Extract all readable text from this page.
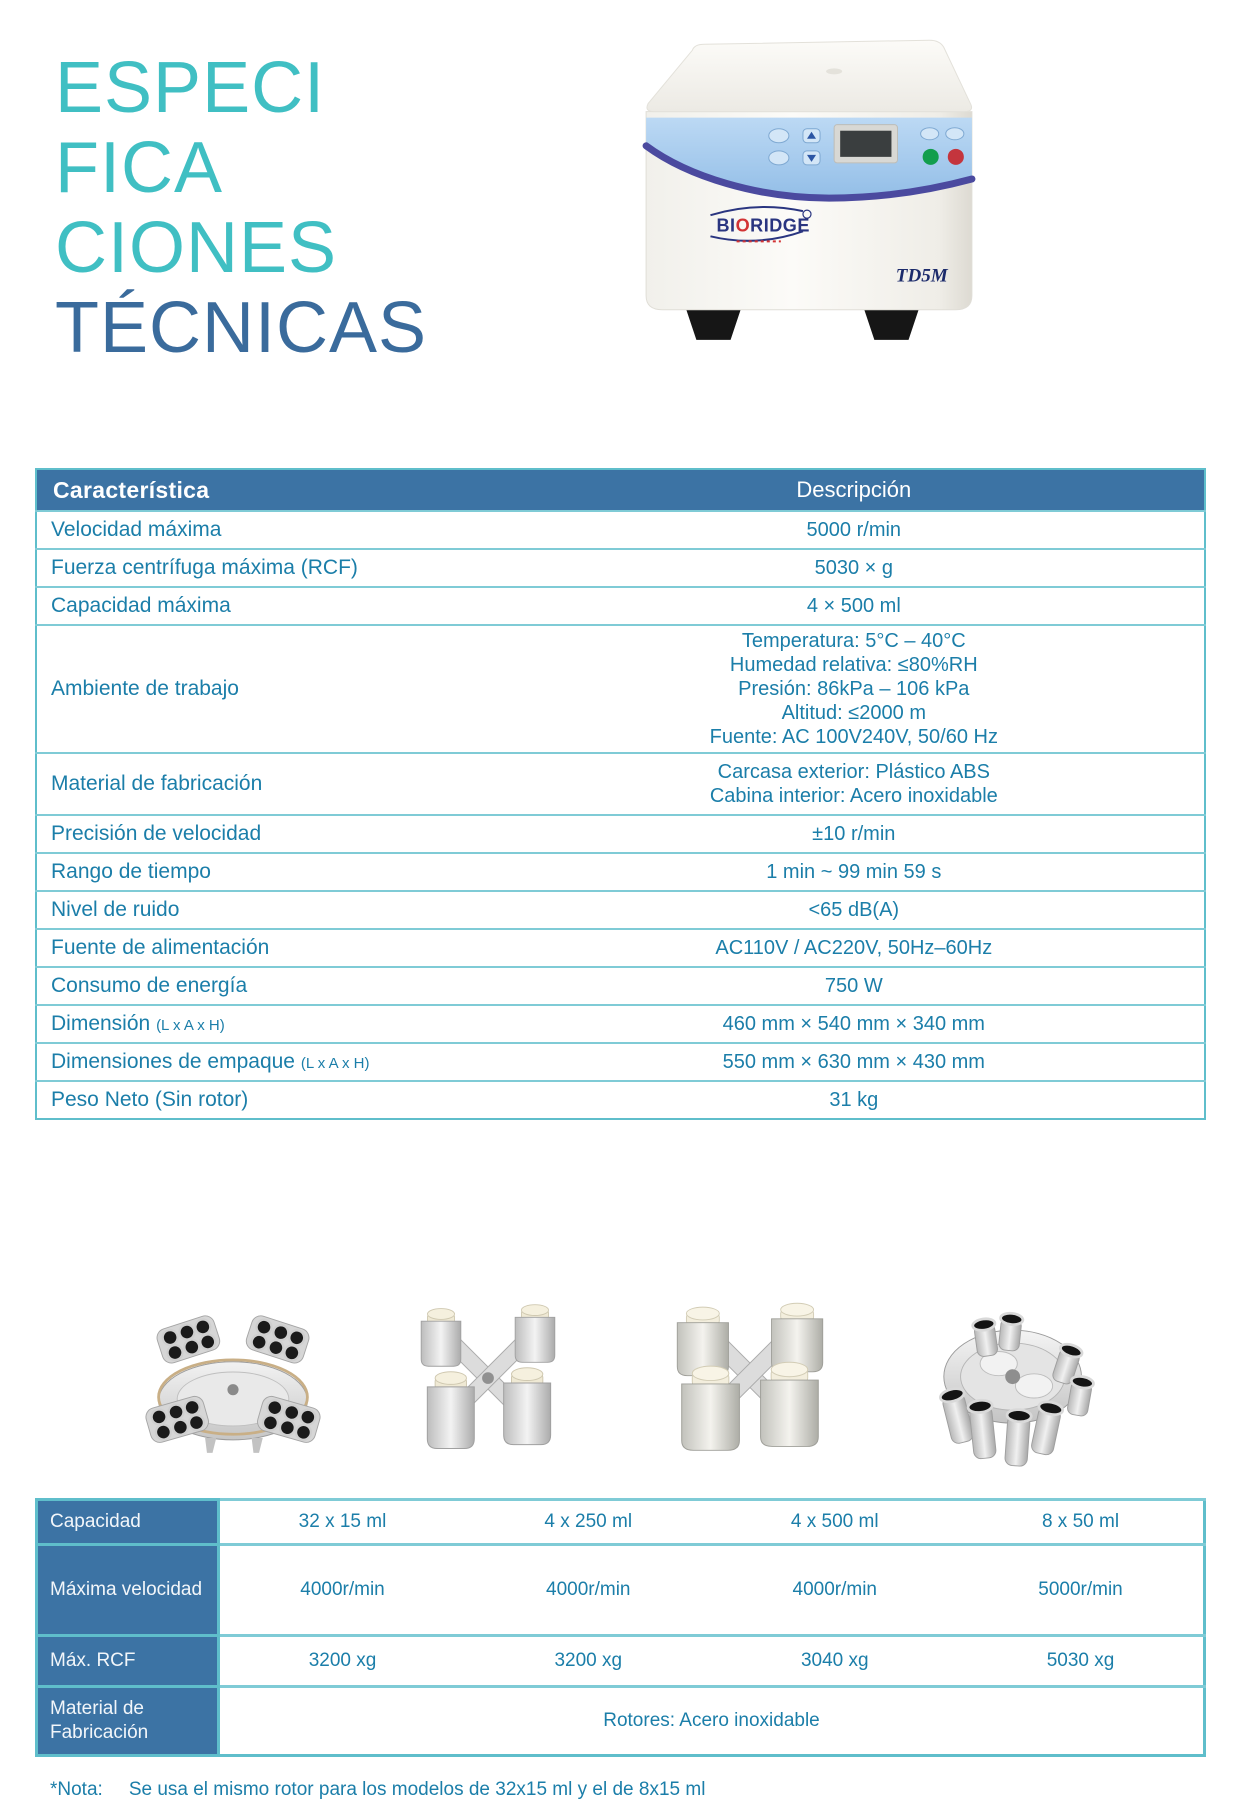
ESPECI
FICA
CIONES
TÉCNICAS
BIORIDGE
TD5M
Característica	Descripción
Velocidad máxima	5000 r/min
Fuerza centrífuga máxima (RCF)	5030 × g
Capacidad máxima	4 × 500 ml
Ambiente de trabajo	Temperatura: 5°C – 40°C
Humedad relativa: ≤80%RH
Presión: 86kPa – 106 kPa
Altitud: ≤2000 m
Fuente: AC 100V240V, 50/60 Hz

Material de fabricación	Carcasa exterior: Plástico ABS
Cabina interior: Acero inoxidable

Precisión de velocidad	±10 r/min
Rango de tiempo	1 min ~ 99 min 59 s
Nivel de ruido	<65 dB(A)
Fuente de alimentación	AC110V / AC220V, 50Hz–60Hz
Consumo de energía	750 W
Dimensión (L x A x H)	460 mm × 540 mm × 340 mm
Dimensiones de empaque (L x A x H)	550 mm × 630 mm × 430 mm
Peso Neto (Sin rotor)	31 kg
Capacidad	32 x 15 ml	4 x 250 ml	4 x 500 ml	8 x 50 ml
Máxima velocidad	4000r/min	4000r/min	4000r/min	5000r/min
Máx. RCF	3200 xg	3200 xg	3040 xg	5030 xg
Material de Fabricación	Rotores: Acero inoxidable			
*Nota: Se usa el mismo rotor para los modelos de 32x15 ml y el de 8x15 ml
